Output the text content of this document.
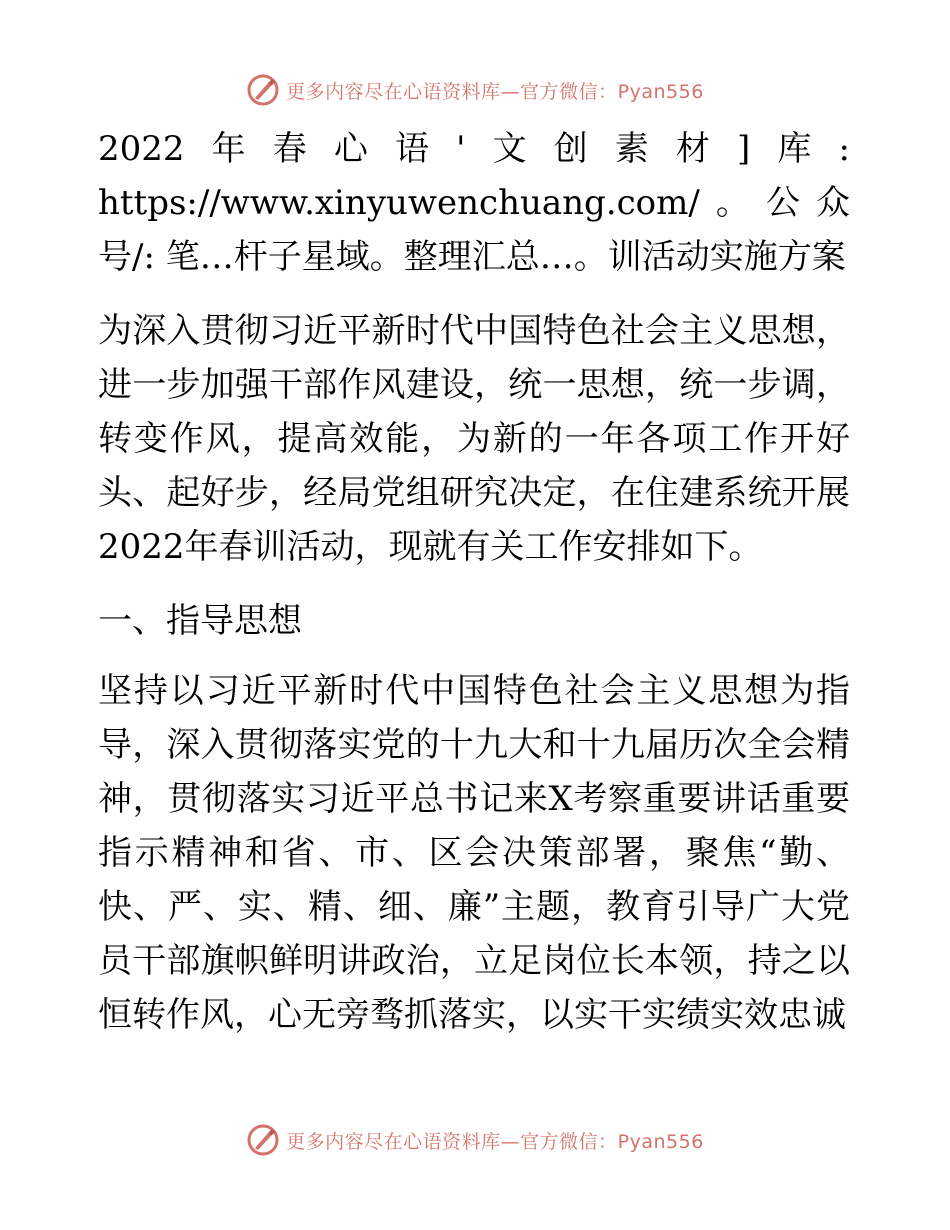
更多内容尽在心语资料库—官方微信：Pyan556

2022年春心语'文创素材]库: https://www.xinyuwenchuang.com/。公众号/: 笔…杆子星域。整理汇总…。训活动实施方案

为深入贯彻习近平新时代中国特色社会主义思想，进一步加强干部作风建设，统一思想，统一步调，转变作风，提高效能，为新的一年各项工作开好头、起好步，经局党组研究决定，在住建系统开展2022年春训活动，现就有关工作安排如下。

一、指导思想

坚持以习近平新时代中国特色社会主义思想为指导，深入贯彻落实党的十九大和十九届历次全会精神，贯彻落实习近平总书记来X考察重要讲话重要指示精神和省、市、区会决策部署，聚焦“勤、快、严、实、精、细、廉”主题，教育引导广大党员干部旗帜鲜明讲政治，立足岗位长本领，持之以恒转作风，心无旁骛抓落实，以实干实绩实效忠诚

更多内容尽在心语资料库—官方微信：Pyan556
